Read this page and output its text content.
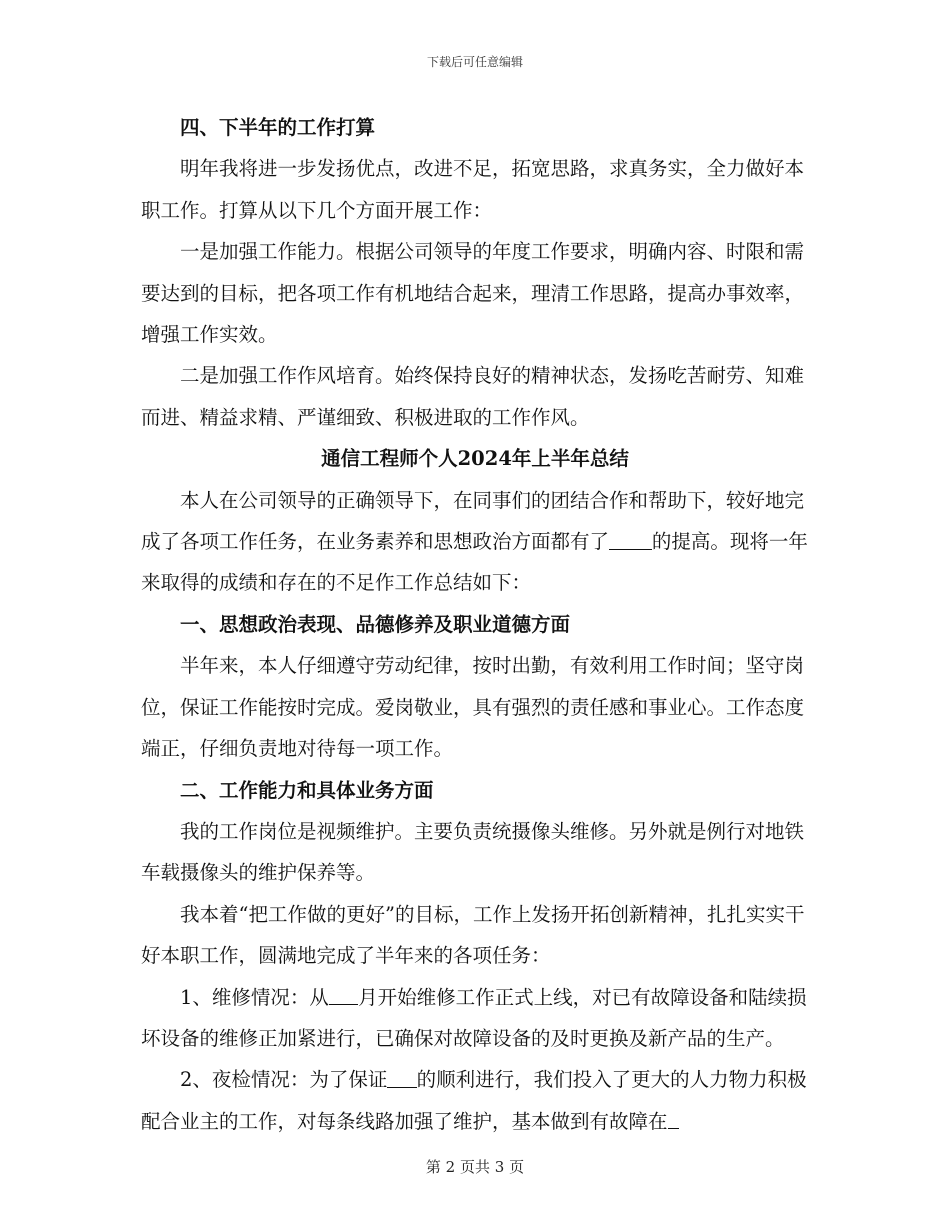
下载后可任意编辑

四、下半年的工作打算

明年我将进一步发扬优点，改进不足，拓宽思路，求真务实，全力做好本职工作。打算从以下几个方面开展工作：

一是加强工作能力。根据公司领导的年度工作要求，明确内容、时限和需要达到的目标，把各项工作有机地结合起来，理清工作思路，提高办事效率，增强工作实效。

二是加强工作作风培育。始终保持良好的精神状态，发扬吃苦耐劳、知难而进、精益求精、严谨细致、积极进取的工作作风。

通信工程师个人2024年上半年总结

本人在公司领导的正确领导下，在同事们的团结合作和帮助下，较好地完成了各项工作任务，在业务素养和思想政治方面都有了 的提高。现将一年来取得的成绩和存在的不足作工作总结如下：

一、思想政治表现、品德修养及职业道德方面

半年来，本人仔细遵守劳动纪律，按时出勤，有效利用工作时间；坚守岗位，保证工作能按时完成。爱岗敬业，具有强烈的责任感和事业心。工作态度端正，仔细负责地对待每一项工作。

二、工作能力和具体业务方面

我的工作岗位是视频维护。主要负责统摄像头维修。另外就是例行对地铁车载摄像头的维护保养等。

我本着“把工作做的更好”的目标，工作上发扬开拓创新精神，扎扎实实干好本职工作，圆满地完成了半年来的各项任务：

1、维修情况：从 月开始维修工作正式上线，对已有故障设备和陆续损坏设备的维修正加紧进行，已确保对故障设备的及时更换及新产品的生产。

2、夜检情况：为了保证 的顺利进行，我们投入了更大的人力物力积极配合业主的工作，对每条线路加强了维护，基本做到有故障在

第 2 页共 3 页
